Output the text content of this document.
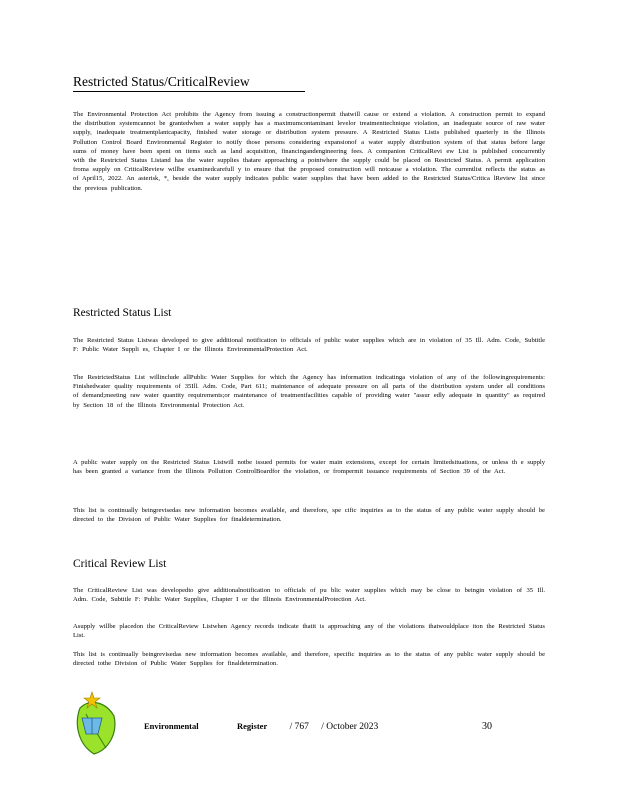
Restricted Status/CriticalReview

The Environmental Protection Act prohibits the Agency from issuing a constructionpermit thatwill cause or extend a violation. A construction permit to expand the distribution systemcannot be grantedwhen a water supply has a maximumcontaminant levelor treatmenttechnique violation, an inadequate source of raw water supply, inadequate treatmentplantcapacity, finished water storage or distribution system pressure. A Restricted Status Listis published quarterly in the Illinois Pollution Control Board Environmental Register to notify those persons considering expansionof a water supply distribution system of that status before large sums of money have been spent on items such as land acquisition, financingandengineering fees. A companion CriticalRevi ew List is published concurrently with the Restricted Status Listand has the water supplies thatare approaching a pointwhere the supply could be placed on Restricted Status. A permit application froma supply on CriticalReview willbe examinedcarefull y to ensure that the proposed construction will notcause a violation. The currentlist reflects the status as of April15, 2022. An asterisk, *, beside the water supply indicates public water supplies that have been added to the Restricted Status/Critica lReview list since the previous publication.

Restricted Status List

The Restricted Status Listwas developed to give additional notification to officials of public water supplies which are in violation of 35 Ill. Adm. Code, Subtitle F: Public Water Suppli es, Chapter I or the Illinois EnvironmentalProtection Act.

The RestrictedStatus List willinclude allPublic Water Supplies for which the Agency has information indicatinga violation of any of the followingrequirements: Finishedwater quality requirements of 35Ill. Adm. Code, Part 611; maintenance of adequate pressure on all parts of the distribution system under all conditions of demand;meeting raw water quantity requirements;or maintenance of treatmentfacilities capable of providing water "assur edly adequate in quantity" as required by Section 18 of the Illinois Environmental Protection Act.

A public water supply on the Restricted Status Listwill notbe issued permits for water main extensions, except for certain limitedsituations, or unless th e supply has been granted a variance from the Illinois Pollution ControlBoardfor the violation, or frompermit issuance requirements of Section 39 of the Act.

This list is continually beingrevisedas new information becomes available, and therefore, spe cific inquiries as to the status of any public water supply should be directed to the Division of Public Water Supplies for finaldetermination.

Critical Review List

The CriticalReview List was developedto give additionalnotification to officials of pu blic water supplies which may be close to beingin violation of 35 Ill. Adm. Code, Subtitle F: Public Water Supplies, Chapter I or the Illinois EnvironmentalProtection Act.

Asupply willbe placedon the CriticalReview Listwhen Agency records indicate thatit is approaching any of the violations thatwouldplace iton the Restricted Status List.

This list is continually beingrevisedas new information becomes available, and therefore, specific inquiries as to the status of any public water supply should be directed tothe Division of Public Water Supplies for finaldetermination.

Environmental	Register / 767 / October 2023	30
